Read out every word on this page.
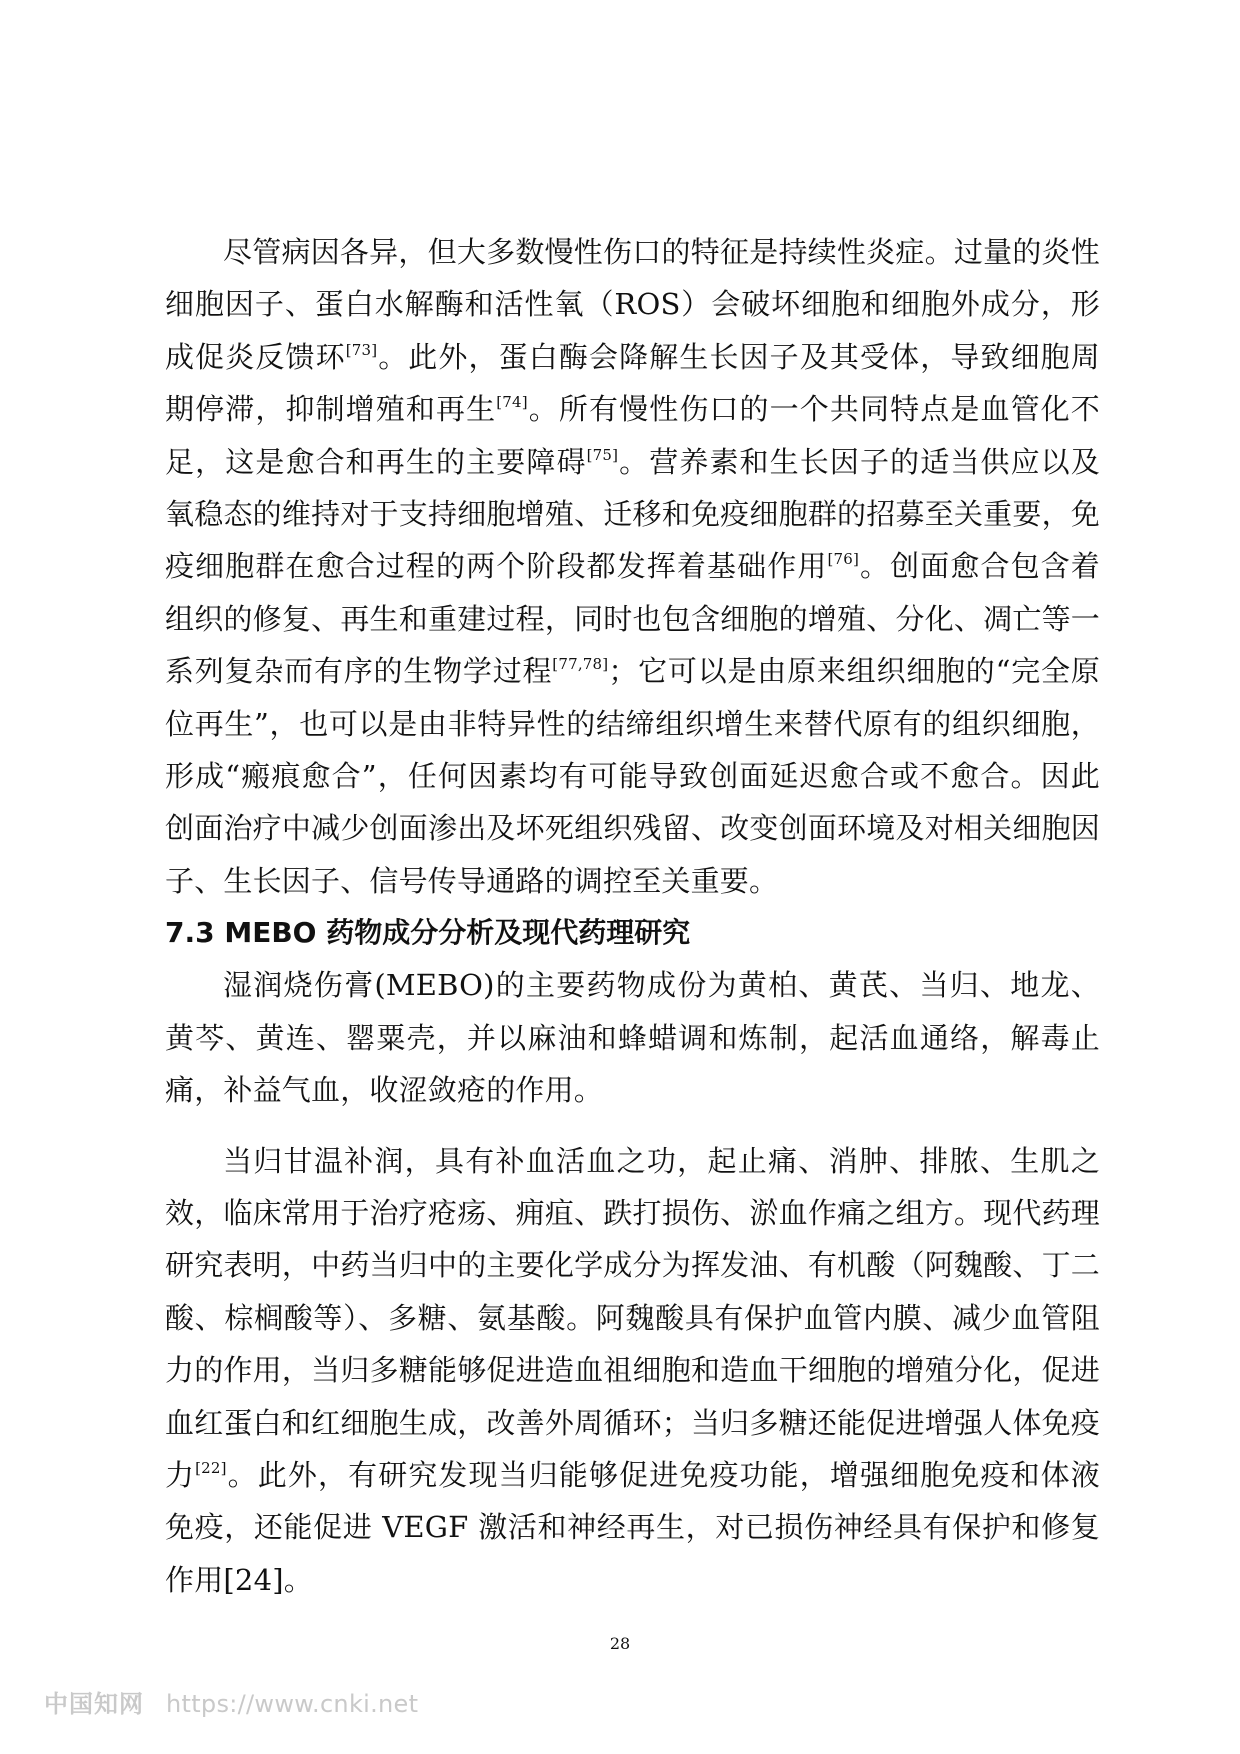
尽管病因各异，但大多数慢性伤口的特征是持续性炎症。过量的炎性细胞因子、蛋白水解酶和活性氧（ROS）会破坏细胞和细胞外成分，形成促炎反馈环[73]。此外，蛋白酶会降解生长因子及其受体，导致细胞周期停滞，抑制增殖和再生[74]。所有慢性伤口的一个共同特点是血管化不足，这是愈合和再生的主要障碍[75]。营养素和生长因子的适当供应以及氧稳态的维持对于支持细胞增殖、迁移和免疫细胞群的招募至关重要，免疫细胞群在愈合过程的两个阶段都发挥着基础作用[76]。创面愈合包含着组织的修复、再生和重建过程，同时也包含细胞的增殖、分化、凋亡等一系列复杂而有序的生物学过程[77,78]；它可以是由原来组织细胞的“完全原位再生”，也可以是由非特异性的结缔组织增生来替代原有的组织细胞，形成“瘢痕愈合”，任何因素均有可能导致创面延迟愈合或不愈合。因此创面治疗中减少创面渗出及坏死组织残留、改变创面环境及对相关细胞因子、生长因子、信号传导通路的调控至关重要。

7.3 MEBO 药物成分分析及现代药理研究

湿润烧伤膏(MEBO)的主要药物成份为黄柏、黄芪、当归、地龙、黄芩、黄连、罂粟壳，并以麻油和蜂蜡调和炼制，起活血通络，解毒止痛，补益气血，收涩敛疮的作用。

当归甘温补润，具有补血活血之功，起止痛、消肿、排脓、生肌之效，临床常用于治疗疮疡、痈疽、跌打损伤、淤血作痛之组方。现代药理研究表明，中药当归中的主要化学成分为挥发油、有机酸（阿魏酸、丁二酸、棕榈酸等）、多糖、氨基酸。阿魏酸具有保护血管内膜、减少血管阻力的作用，当归多糖能够促进造血祖细胞和造血干细胞的增殖分化，促进血红蛋白和红细胞生成，改善外周循环；当归多糖还能促进增强人体免疫力[22]。此外，有研究发现当归能够促进免疫功能，增强细胞免疫和体液免疫，还能促进 VEGF 激活和神经再生，对已损伤神经具有保护和修复作用[24]。

28
中国知网 https://www.cnki.net
